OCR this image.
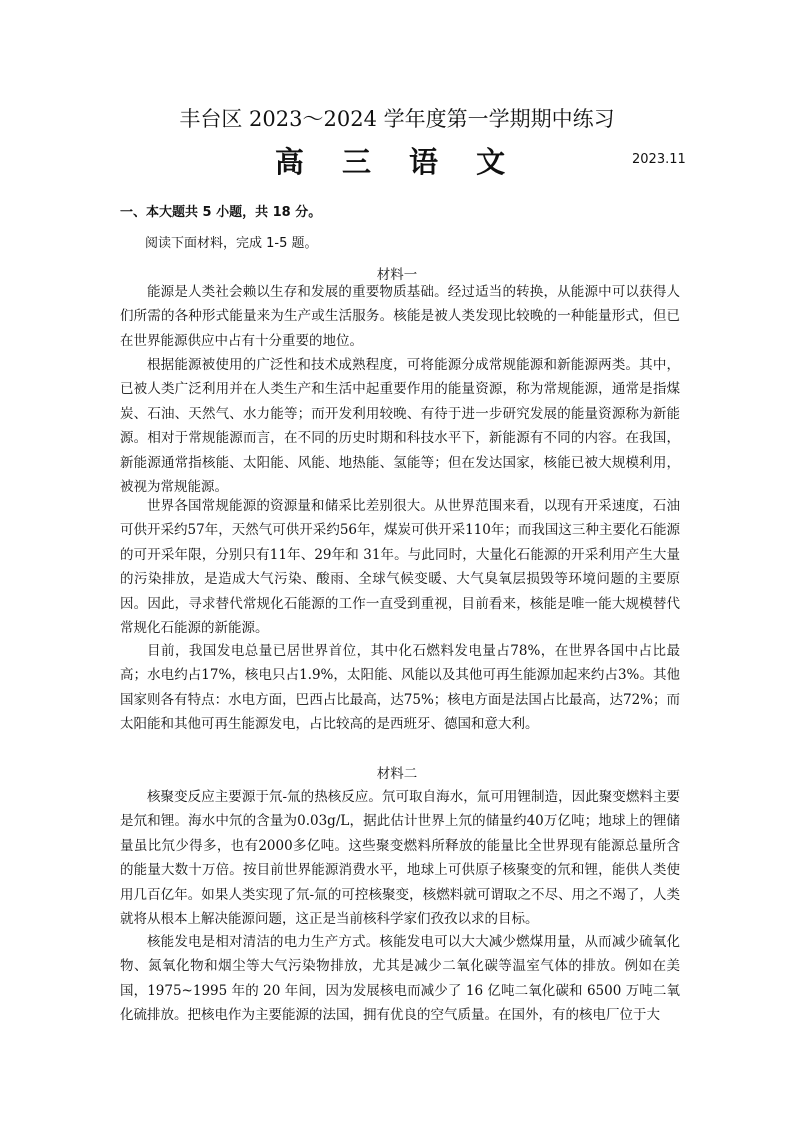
丰台区 2023～2024 学年度第一学期期中练习
高 三 语 文	2023.11
一、本大题共 5 小题，共 18 分。
阅读下面材料，完成 1-5 题。
材料一

能源是人类社会赖以生存和发展的重要物质基础。经过适当的转换，从能源中可以获得人们所需的各种形式能量来为生产或生活服务。核能是被人类发现比较晚的一种能量形式，但已在世界能源供应中占有十分重要的地位。

根据能源被使用的广泛性和技术成熟程度，可将能源分成常规能源和新能源两类。其中，已被人类广泛利用并在人类生产和生活中起重要作用的能量资源，称为常规能源，通常是指煤炭、石油、天然气、水力能等；而开发利用较晚、有待于进一步研究发展的能量资源称为新能源。相对于常规能源而言，在不同的历史时期和科技水平下，新能源有不同的内容。在我国，新能源通常指核能、太阳能、风能、地热能、氢能等；但在发达国家，核能已被大规模利用，被视为常规能源。

世界各国常规能源的资源量和储采比差别很大。从世界范围来看，以现有开采速度，石油可供开采约57年，天然气可供开采约56年，煤炭可供开采110年；而我国这三种主要化石能源的可开采年限，分别只有11年、29年和 31年。与此同时，大量化石能源的开采利用产生大量的污染排放，是造成大气污染、酸雨、全球气候变暖、大气臭氧层损毁等环境问题的主要原因。因此，寻求替代常规化石能源的工作一直受到重视，目前看来，核能是唯一能大规模替代常规化石能源的新能源。

目前，我国发电总量已居世界首位，其中化石燃料发电量占78%，在世界各国中占比最高；水电约占17%，核电只占1.9%，太阳能、风能以及其他可再生能源加起来约占3%。其他国家则各有特点：水电方面，巴西占比最高，达75%；核电方面是法国占比最高，达72%；而太阳能和其他可再生能源发电，占比较高的是西班牙、德国和意大利。

材料二

核聚变反应主要源于氘-氚的热核反应。氘可取自海水，氚可用锂制造，因此聚变燃料主要是氘和锂。海水中氘的含量为0.03g/L，据此估计世界上氘的储量约40万亿吨；地球上的锂储量虽比氘少得多，也有2000多亿吨。这些聚变燃料所释放的能量比全世界现有能源总量所含的能量大数十万倍。按目前世界能源消费水平，地球上可供原子核聚变的氘和锂，能供人类使用几百亿年。如果人类实现了氘-氚的可控核聚变，核燃料就可谓取之不尽、用之不竭了，人类就将从根本上解决能源问题，这正是当前核科学家们孜孜以求的目标。

核能发电是相对清洁的电力生产方式。核能发电可以大大减少燃煤用量，从而减少硫氧化物、氮氧化物和烟尘等大气污染物排放，尤其是减少二氧化碳等温室气体的排放。例如在美国，1975~1995 年的 20 年间，因为发展核电而减少了 16 亿吨二氧化碳和 6500 万吨二氧化硫排放。把核电作为主要能源的法国，拥有优良的空气质量。在国外，有的核电厂位于大
